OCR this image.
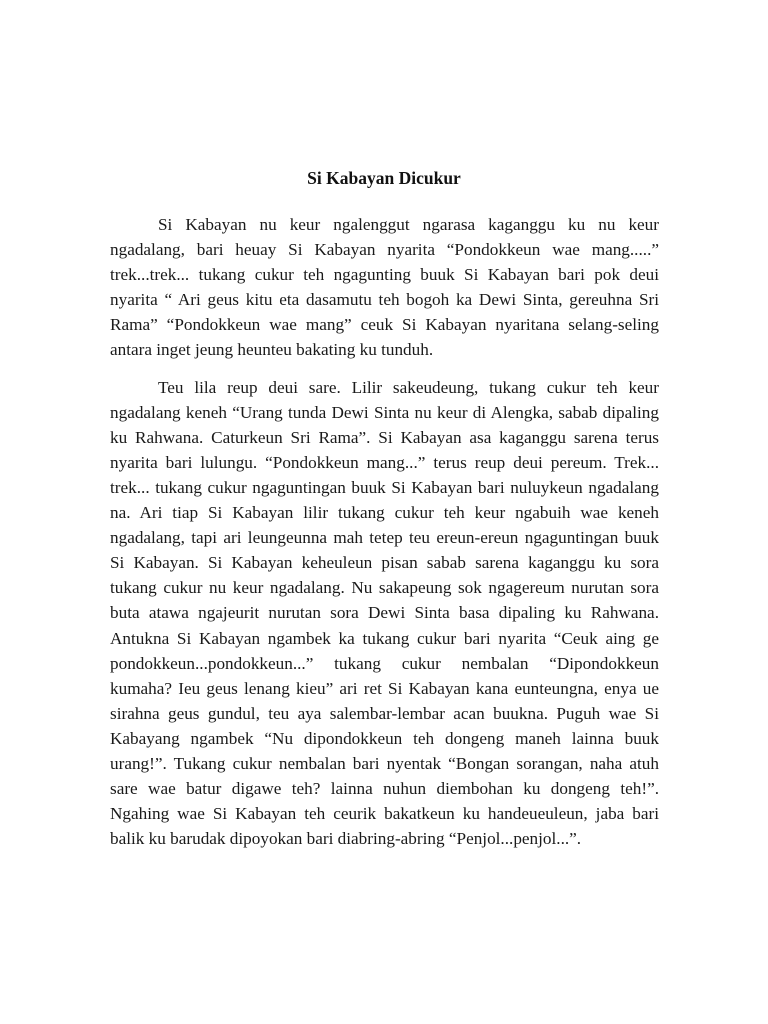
Si Kabayan Dicukur

Si Kabayan nu keur ngalenggut ngarasa kaganggu ku nu keur ngadalang, bari heuay Si Kabayan nyarita “Pondokkeun wae mang.....” trek...trek... tukang cukur teh ngagunting buuk Si Kabayan bari pok deui nyarita “ Ari geus kitu eta dasamutu teh bogoh ka Dewi Sinta, gereuhna Sri Rama” “Pondokkeun wae mang” ceuk Si Kabayan nyaritana selang-seling antara inget jeung heunteu bakating ku tunduh.

Teu lila reup deui sare. Lilir sakeudeung, tukang cukur teh keur ngadalang keneh “Urang tunda Dewi Sinta nu keur di Alengka, sabab dipaling ku Rahwana. Caturkeun Sri Rama”. Si Kabayan asa kaganggu sarena terus nyarita bari lulungu. “Pondokkeun mang...” terus reup deui pereum. Trek... trek... tukang cukur ngaguntingan buuk Si Kabayan bari nuluykeun ngadalang na. Ari tiap Si Kabayan lilir tukang cukur teh keur ngabuih wae keneh ngadalang, tapi ari leungeunna mah tetep teu ereun-ereun ngaguntingan buuk Si Kabayan. Si Kabayan keheuleun pisan sabab sarena kaganggu ku sora tukang cukur nu keur ngadalang. Nu sakapeung sok ngagereum nurutan sora buta atawa ngajeurit nurutan sora Dewi Sinta basa dipaling ku Rahwana. Antukna Si Kabayan ngambek ka tukang cukur bari nyarita “Ceuk aing ge pondokkeun...pondokkeun...” tukang cukur nembalan “Dipondokkeun kumaha? Ieu geus lenang kieu” ari ret Si Kabayan kana eunteungna, enya ue sirahna geus gundul, teu aya salembar-lembar acan buukna. Puguh wae Si Kabayang ngambek “Nu dipondokkeun teh dongeng maneh lainna buuk urang!”. Tukang cukur nembalan bari nyentak “Bongan sorangan, naha atuh sare wae batur digawe teh? lainna nuhun diembohan ku dongeng teh!”. Ngahing wae Si Kabayan teh ceurik bakatkeun ku handeueuleun, jaba bari balik ku barudak dipoyokan bari diabring-abring “Penjol...penjol...”.
